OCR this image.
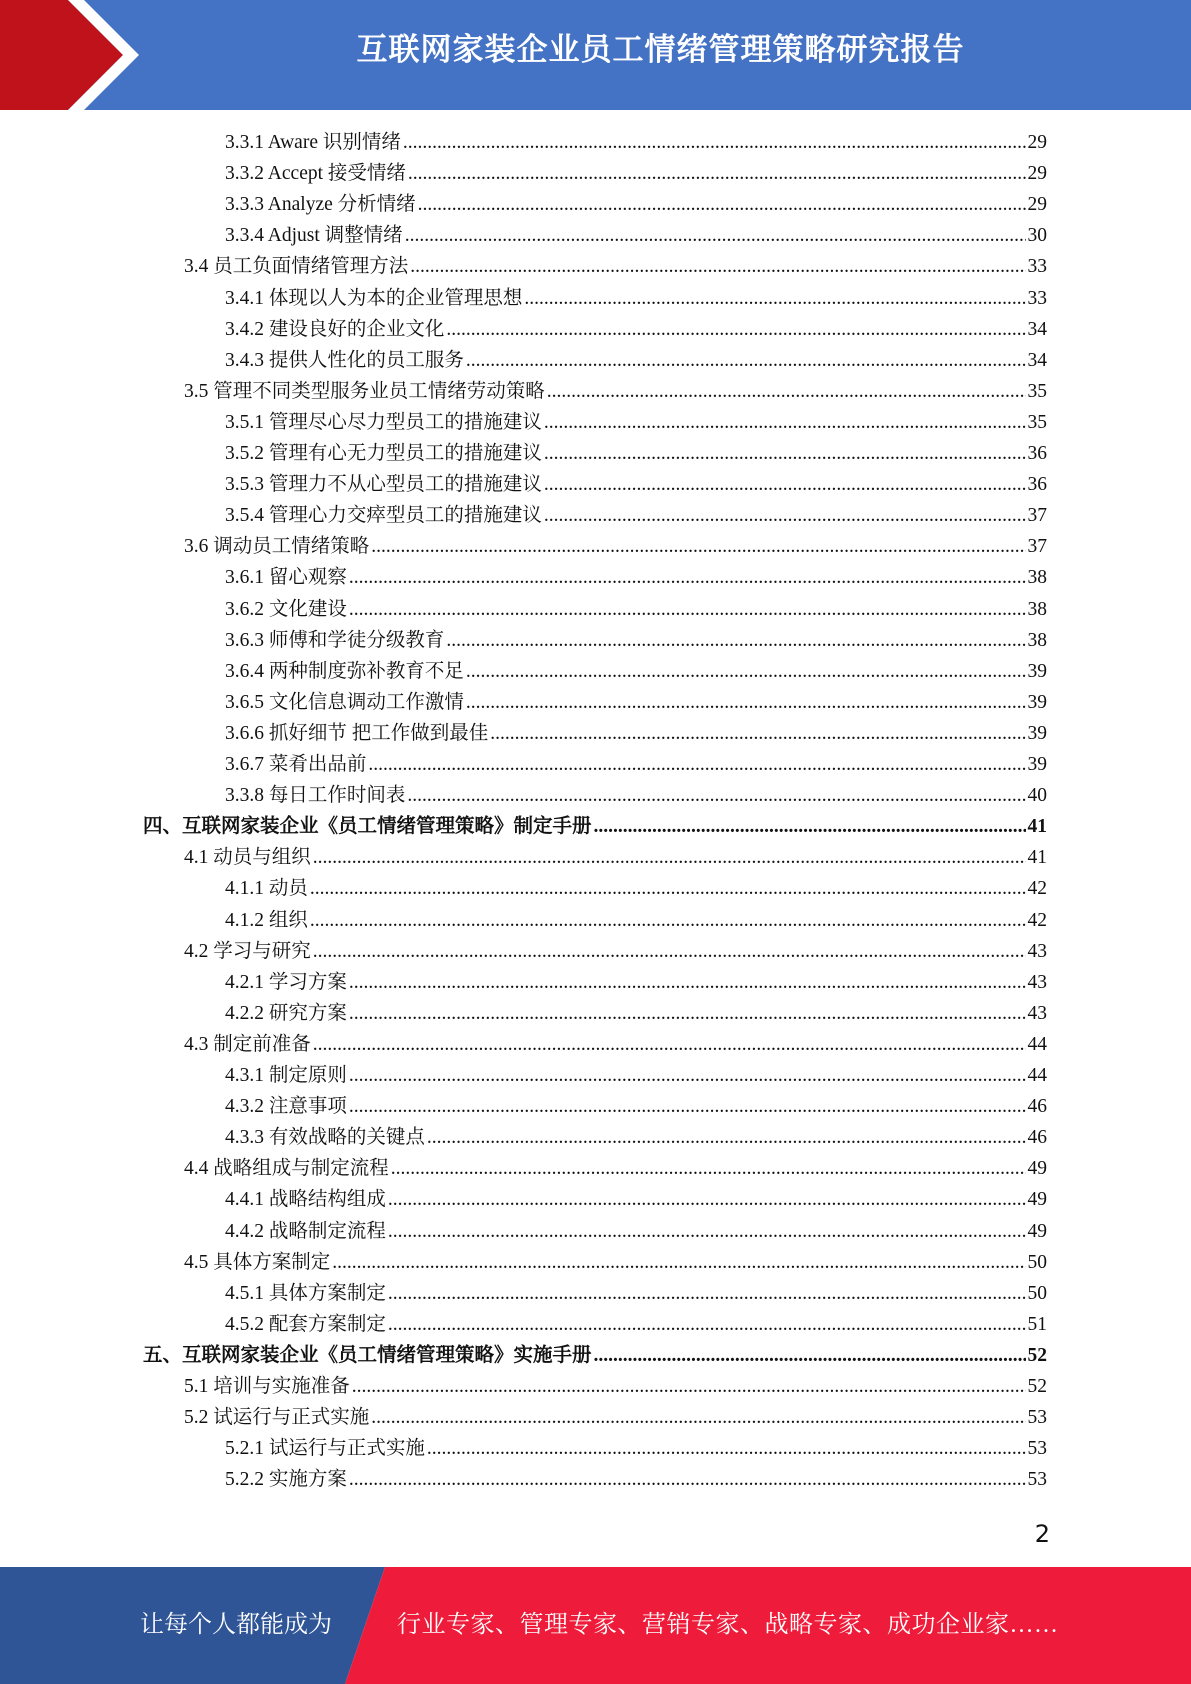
互联网家装企业员工情绪管理策略研究报告
3.3.1 Aware 识别情绪 .....	29
3.3.2 Accept 接受情绪 .....	29
3.3.3 Analyze 分析情绪 .....	29
3.3.4 Adjust 调整情绪 .....	30
3.4 员工负面情绪管理方法 .....	33
3.4.1 体现以人为本的企业管理思想 .....	33
3.4.2 建设良好的企业文化 .....	34
3.4.3 提供人性化的员工服务 .....	34
3.5 管理不同类型服务业员工情绪劳动策略 .....	35
3.5.1 管理尽心尽力型员工的措施建议 .....	35
3.5.2 管理有心无力型员工的措施建议 .....	36
3.5.3 管理力不从心型员工的措施建议 .....	36
3.5.4 管理心力交瘁型员工的措施建议 .....	37
3.6 调动员工情绪策略 .....	37
3.6.1 留心观察 .....	38
3.6.2 文化建设 .....	38
3.6.3 师傅和学徒分级教育 .....	38
3.6.4 两种制度弥补教育不足 .....	39
3.6.5 文化信息调动工作激情 .....	39
3.6.6 抓好细节 把工作做到最佳 .....	39
3.6.7 菜肴出品前 .....	39
3.3.8 每日工作时间表 .....	40
四、互联网家装企业《员工情绪管理策略》制定手册 .....	41
4.1 动员与组织 .....	41
4.1.1 动员 .....	42
4.1.2 组织 .....	42
4.2 学习与研究 .....	43
4.2.1 学习方案 .....	43
4.2.2 研究方案 .....	43
4.3 制定前准备 .....	44
4.3.1 制定原则 .....	44
4.3.2 注意事项 .....	46
4.3.3 有效战略的关键点 .....	46
4.4 战略组成与制定流程 .....	49
4.4.1 战略结构组成 .....	49
4.4.2 战略制定流程 .....	49
4.5 具体方案制定 .....	50
4.5.1 具体方案制定 .....	50
4.5.2 配套方案制定 .....	51
五、互联网家装企业《员工情绪管理策略》实施手册 .....	52
5.1 培训与实施准备 .....	52
5.2 试运行与正式实施 .....	53
5.2.1 试运行与正式实施 .....	53
5.2.2 实施方案 .....	53
2
让每个人都能成为	行业专家、管理专家、营销专家、战略专家、成功企业家……
